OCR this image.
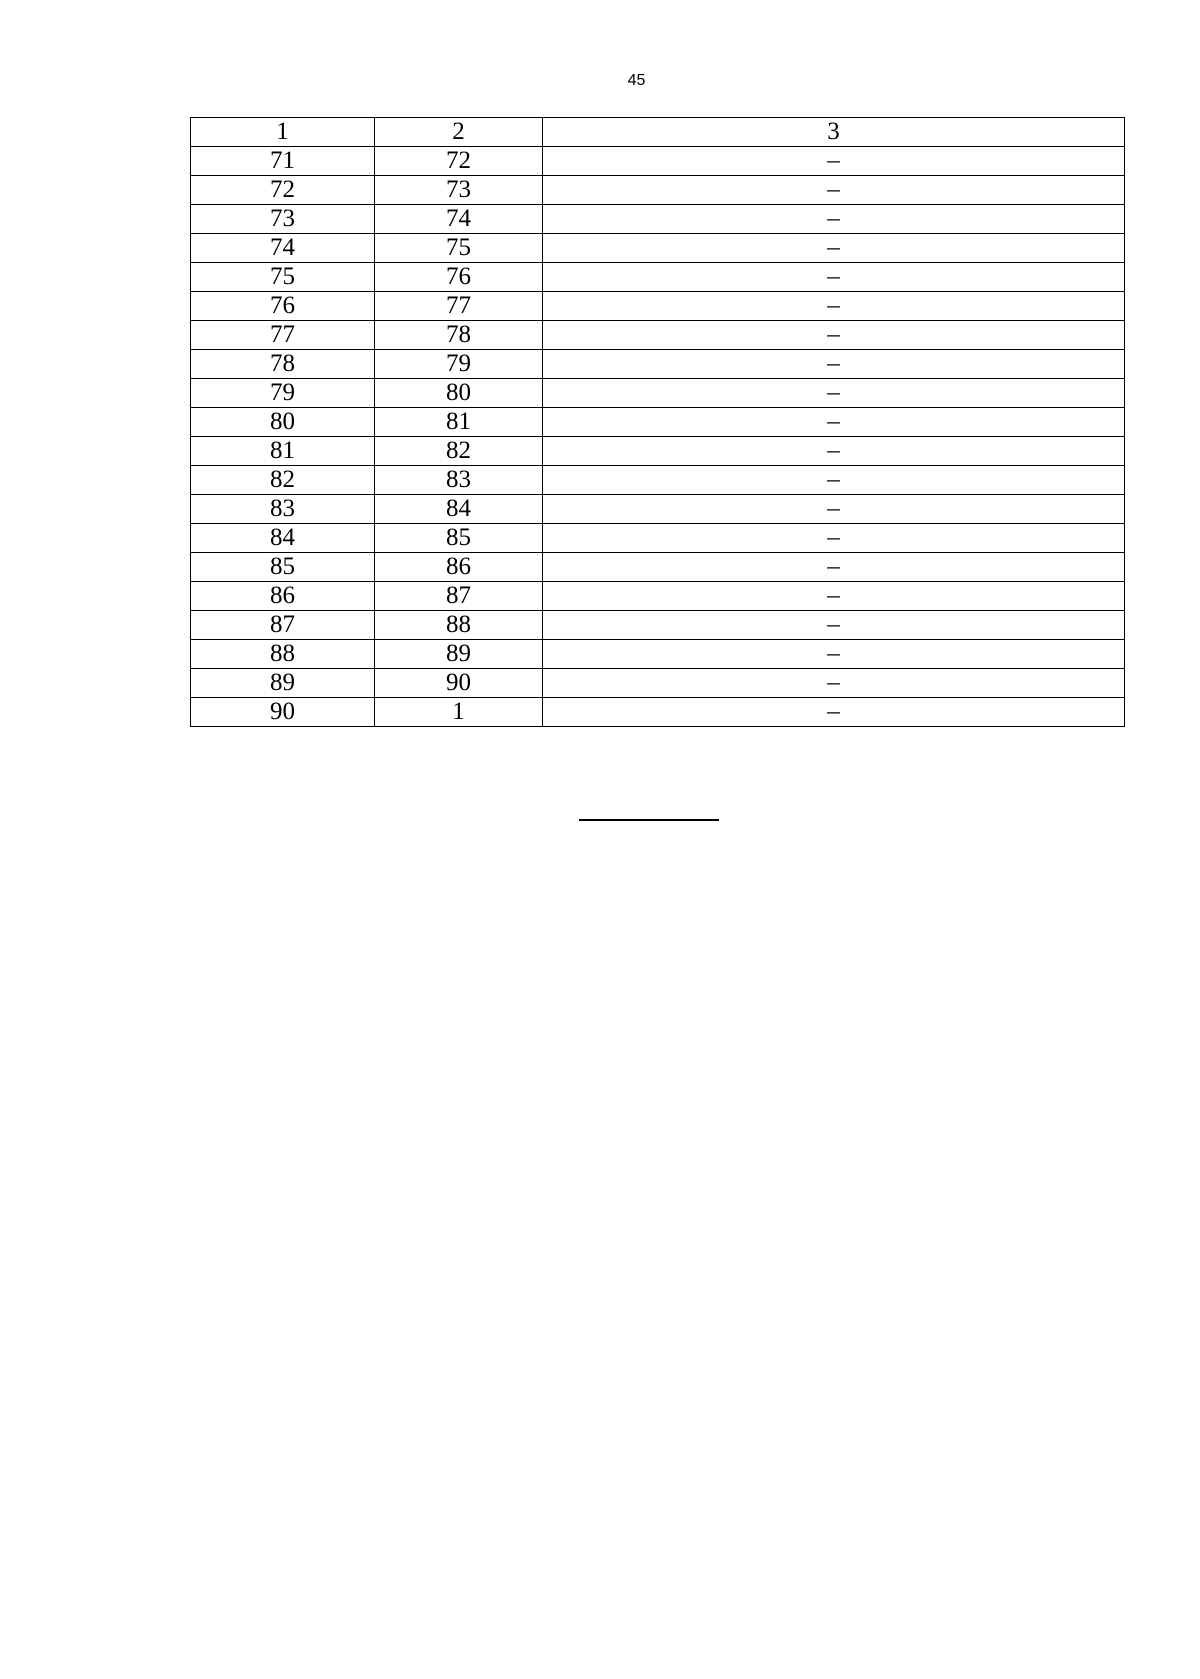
45
1	2	3
71	72	–
72	73	–
73	74	–
74	75	–
75	76	–
76	77	–
77	78	–
78	79	–
79	80	–
80	81	–
81	82	–
82	83	–
83	84	–
84	85	–
85	86	–
86	87	–
87	88	–
88	89	–
89	90	–
90	1	–
